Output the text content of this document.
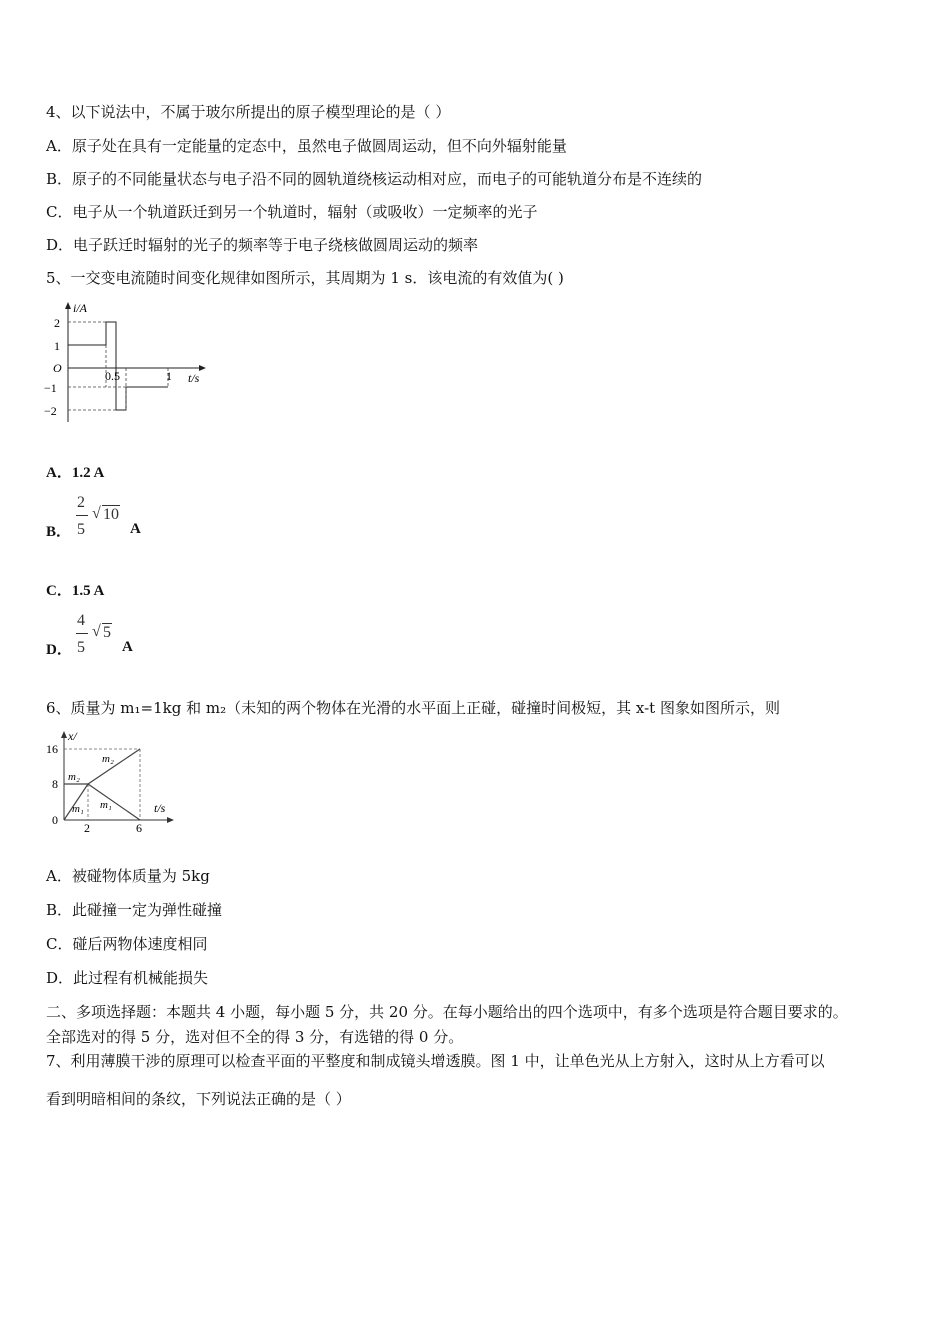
4、以下说法中，不属于玻尔所提出的原子模型理论的是（ ）
A．原子处在具有一定能量的定态中，虽然电子做圆周运动，但不向外辐射能量
B．原子的不同能量状态与电子沿不同的圆轨道绕核运动相对应，而电子的可能轨道分布是不连续的
C．电子从一个轨道跃迁到另一个轨道时，辐射（或吸收）一定频率的光子
D．电子跃迁时辐射的光子的频率等于电子绕核做圆周运动的频率
5、一交变电流随时间变化规律如图所示，其周期为 1 s．该电流的有效值为( )
i/A
2
1
O
−1
−2
0.5	1 t/s
A．1.2 A
B．
2
5
√ 10
A
C．1.5 A
D．
4
5
√ 5
A
6、质量为 m₁=1kg 和 m₂（未知的两个物体在光滑的水平面上正碰，碰撞时间极短，其 x-t 图象如图所示，则
x/
16
8
0
2	6
t/s
m₂
m₂
m₁ m₁
A．被碰物体质量为 5kg
B．此碰撞一定为弹性碰撞
C．碰后两物体速度相同
D．此过程有机械能损失
二、多项选择题：本题共 4 小题，每小题 5 分，共 20 分。在每小题给出的四个选项中，有多个选项是符合题目要求的。
全部选对的得 5 分，选对但不全的得 3 分，有选错的得 0 分。
7、利用薄膜干涉的原理可以检查平面的平整度和制成镜头增透膜。图 1 中，让单色光从上方射入，这时从上方看可以
看到明暗相间的条纹，下列说法正确的是（ ）
